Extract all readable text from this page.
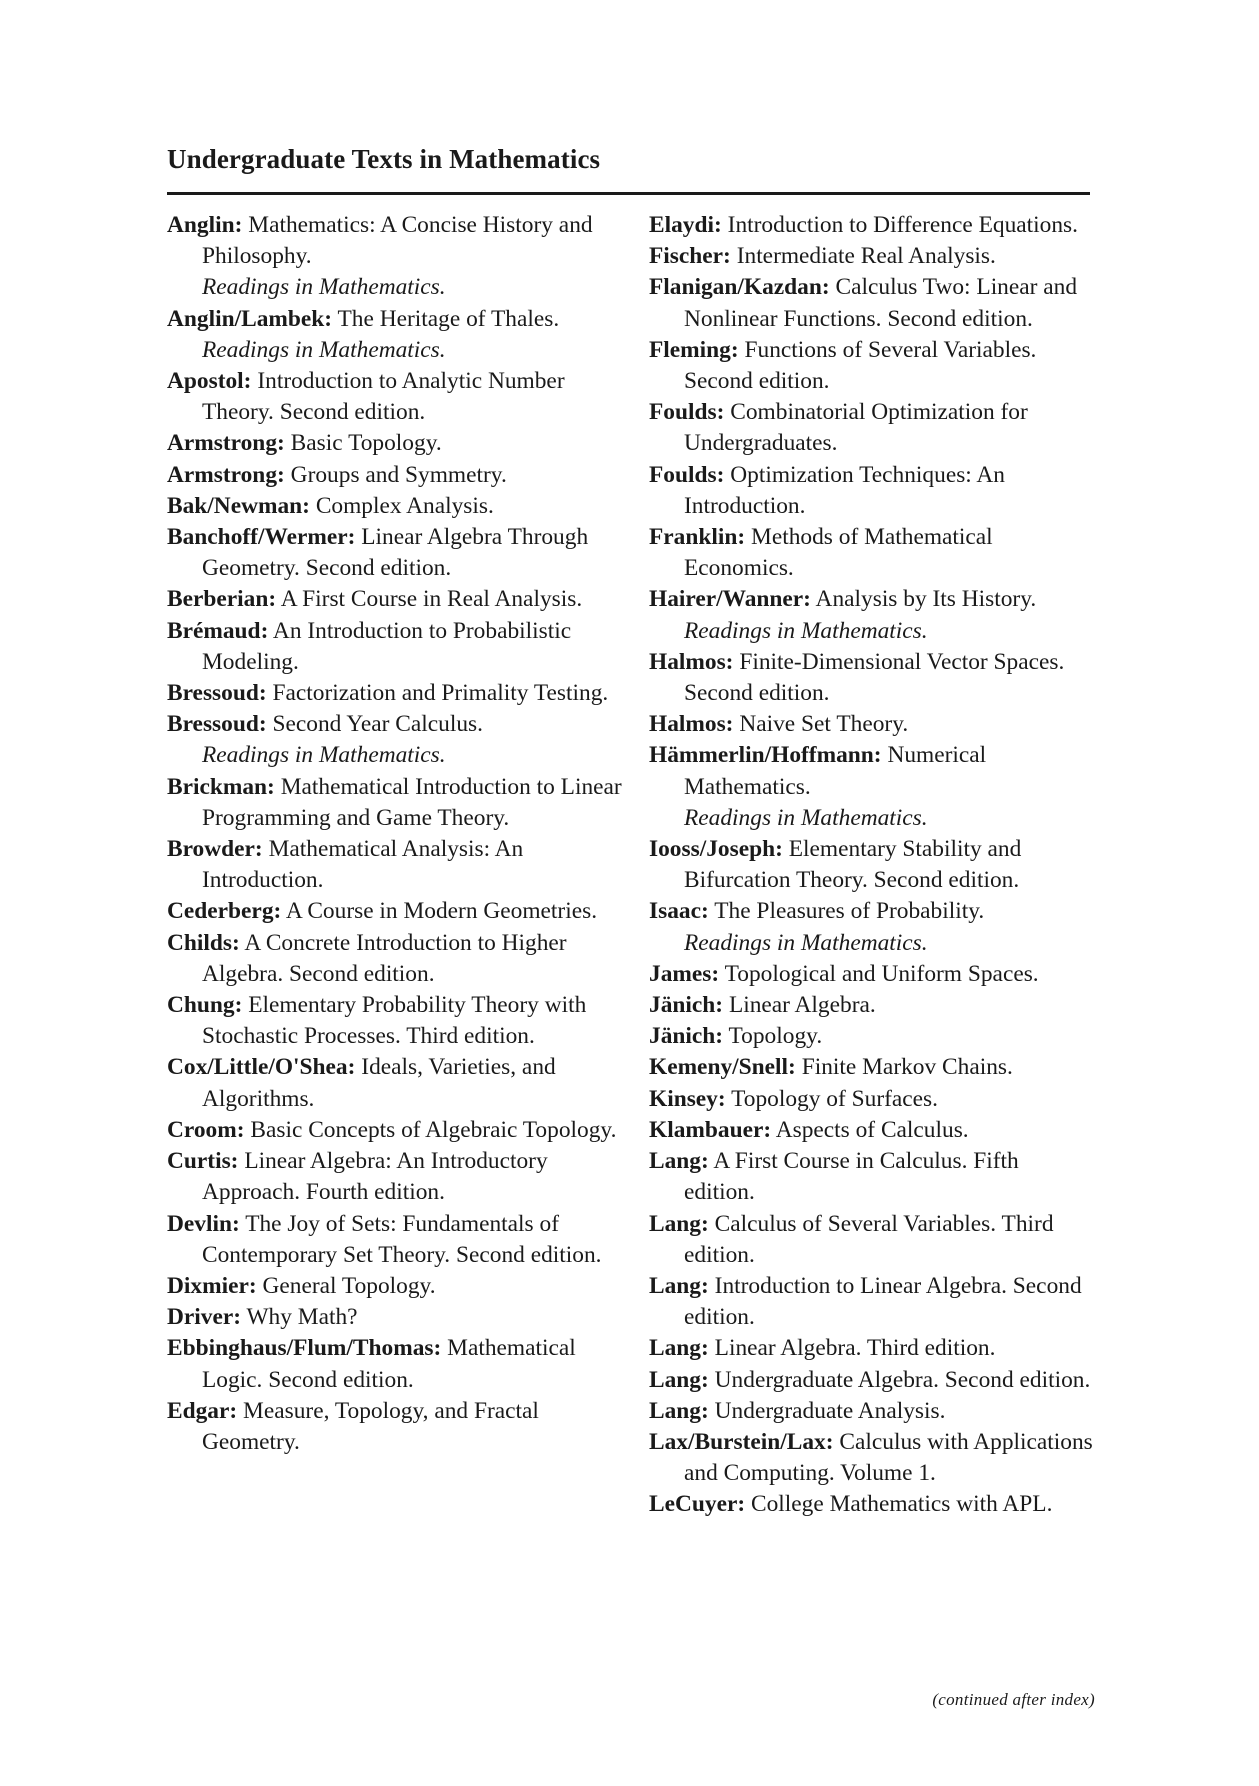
Undergraduate Texts in Mathematics
Anglin: Mathematics: A Concise History and Philosophy.
Readings in Mathematics.
Anglin/Lambek: The Heritage of Thales.
Readings in Mathematics.
Apostol: Introduction to Analytic Number Theory. Second edition.
Armstrong: Basic Topology.
Armstrong: Groups and Symmetry.
Bak/Newman: Complex Analysis.
Banchoff/Wermer: Linear Algebra Through Geometry. Second edition.
Berberian: A First Course in Real Analysis.
Brémaud: An Introduction to Probabilistic Modeling.
Bressoud: Factorization and Primality Testing.
Bressoud: Second Year Calculus.
Readings in Mathematics.
Brickman: Mathematical Introduction to Linear Programming and Game Theory.
Browder: Mathematical Analysis: An Introduction.
Cederberg: A Course in Modern Geometries.
Childs: A Concrete Introduction to Higher Algebra. Second edition.
Chung: Elementary Probability Theory with Stochastic Processes. Third edition.
Cox/Little/O'Shea: Ideals, Varieties, and Algorithms.
Croom: Basic Concepts of Algebraic Topology.
Curtis: Linear Algebra: An Introductory Approach. Fourth edition.
Devlin: The Joy of Sets: Fundamentals of Contemporary Set Theory. Second edition.
Dixmier: General Topology.
Driver: Why Math?
Ebbinghaus/Flum/Thomas: Mathematical Logic. Second edition.
Edgar: Measure, Topology, and Fractal Geometry.
Elaydi: Introduction to Difference Equations.
Fischer: Intermediate Real Analysis.
Flanigan/Kazdan: Calculus Two: Linear and Nonlinear Functions. Second edition.
Fleming: Functions of Several Variables. Second edition.
Foulds: Combinatorial Optimization for Undergraduates.
Foulds: Optimization Techniques: An Introduction.
Franklin: Methods of Mathematical Economics.
Hairer/Wanner: Analysis by Its History.
Readings in Mathematics.
Halmos: Finite-Dimensional Vector Spaces. Second edition.
Halmos: Naive Set Theory.
Hämmerlin/Hoffmann: Numerical Mathematics.
Readings in Mathematics.
Iooss/Joseph: Elementary Stability and Bifurcation Theory. Second edition.
Isaac: The Pleasures of Probability.
Readings in Mathematics.
James: Topological and Uniform Spaces.
Jänich: Linear Algebra.
Jänich: Topology.
Kemeny/Snell: Finite Markov Chains.
Kinsey: Topology of Surfaces.
Klambauer: Aspects of Calculus.
Lang: A First Course in Calculus. Fifth edition.
Lang: Calculus of Several Variables. Third edition.
Lang: Introduction to Linear Algebra. Second edition.
Lang: Linear Algebra. Third edition.
Lang: Undergraduate Algebra. Second edition.
Lang: Undergraduate Analysis.
Lax/Burstein/Lax: Calculus with Applications and Computing. Volume 1.
LeCuyer: College Mathematics with APL.
(continued after index)
